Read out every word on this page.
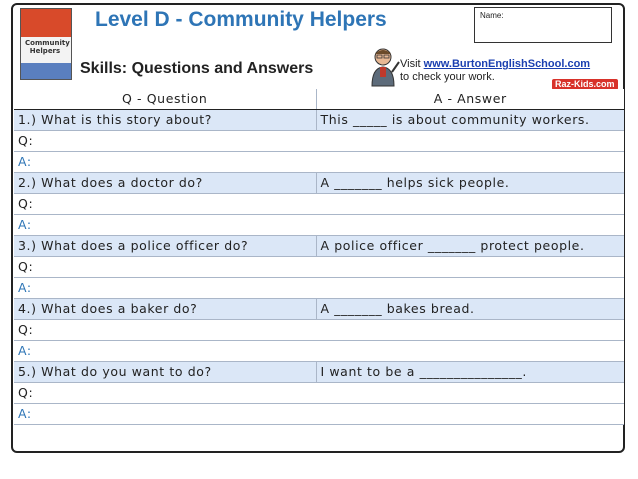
Community Helpers
Level D - Community Helpers
Skills: Questions and Answers
Name:
Visit www.BurtonEnglishSchool.com
to check your work.
Raz-Kids.com
Q - Question	A - Answer
1.) What is this story about?	This _____ is about community workers.
Q:	
A:	
2.) What does a doctor do?	A _______ helps sick people.
Q:	
A:	
3.) What does a police officer do?	A police officer _______ protect people.
Q:	
A:	
4.) What does a baker do?	A _______ bakes bread.
Q:	
A:	
5.) What do you want to do?	I want to be a _______________.
Q:	
A:	
